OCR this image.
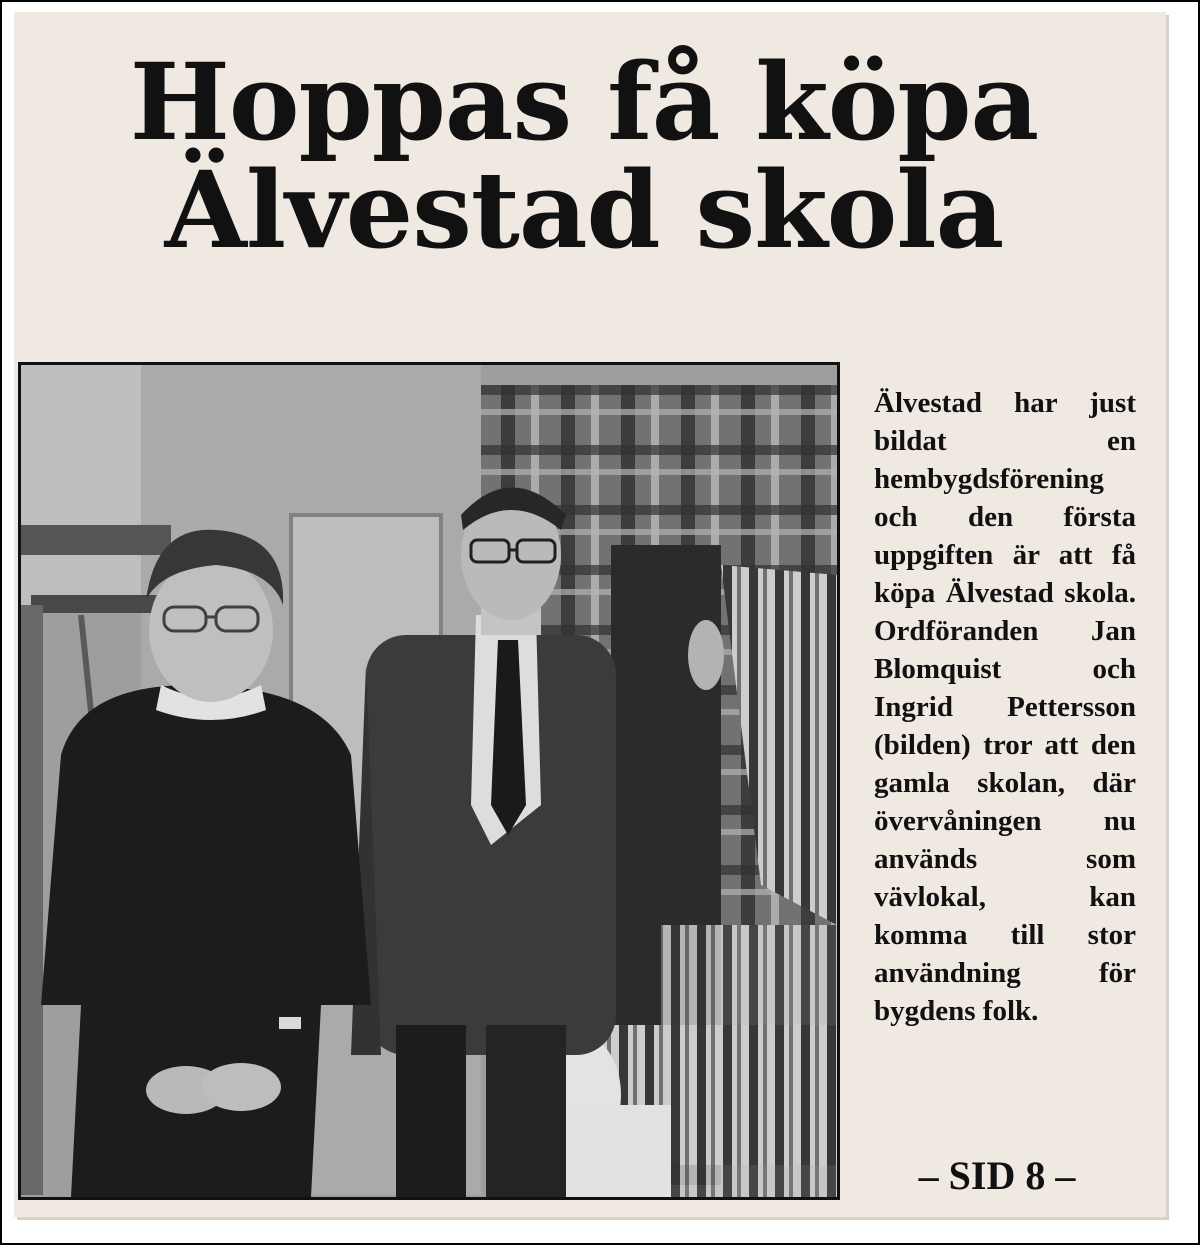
Hoppas få köpa
Älvestad skola

Älvestad har just bildat en hembygdsförening och den första uppgiften är att få köpa Älvestad skola. Ordföranden Jan Blomquist och Ingrid Pettersson (bilden) tror att den gamla skolan, där övervåningen nu används som vävlokal, kan komma till stor användning för bygdens folk.

– SID 8 –
